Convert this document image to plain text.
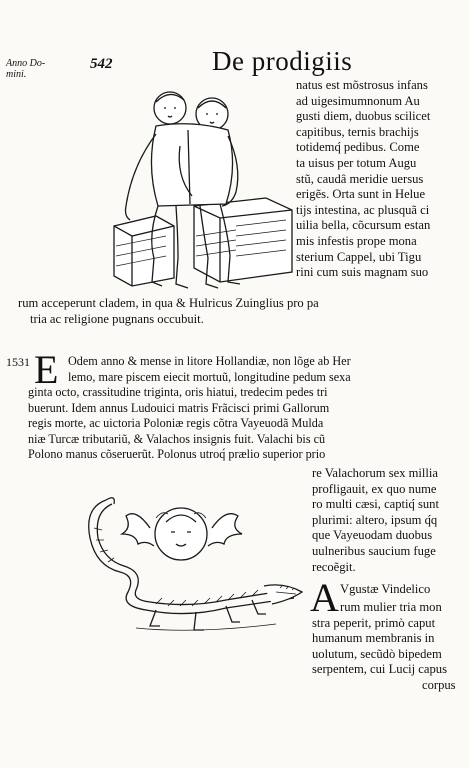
Anno Do-
mini.
542	De prodigiis
natus est mõstrosus infans
ad uigesimumnonum Au
gusti diem, duobus scilicet
capitibus, ternis brachijs
totidemq́ pedibus. Come
ta uisus per totum Augu
stũ, caudâ meridie uersus
erigẽs. Orta sunt in Helue
tijs intestina, ac plusquã ci
uilia bella, cõcursum estan
mis infestis prope mona
sterium Cappel, ubi Tigu
rini cum suis magnam suo
rum acceperunt cladem, in qua & Hulricus Zuinglius pro pa
tria ac religione pugnans occubuit.
1531 E Odem anno & mense in litore Hollandiæ, non lõge ab Her
lemo, mare piscem eiecit mortuũ, longitudine pedum sexa
ginta octo, crassitudine triginta, oris hiatui, tredecim pedes tri
buerunt. Idem annus Ludouici matris Frãcisci primi Gallorum
regis morte, ac uictoria Poloniæ regis cõtra Vayeuodã Mulda
niæ Turcæ tributariũ, & Valachos insignis fuit. Valachi bis cũ
Polono manus cõseruerũt. Polonus utroq́ prælio superior prio
re Valachorum sex millia
profligauit, ex quo nume
ro multi cæsi, captiq́ sunt
plurimi: altero, ipsum q́q
que Vayeuodam duobus
uulneribus saucium fuge
recoẽgit.
A Vgustæ Vindelico
rum mulier tria mon
stra peperit, primò caput
humanum membranis in
uolutum, secũdò bipedem
serpentem, cui Lucij capus
corpus
